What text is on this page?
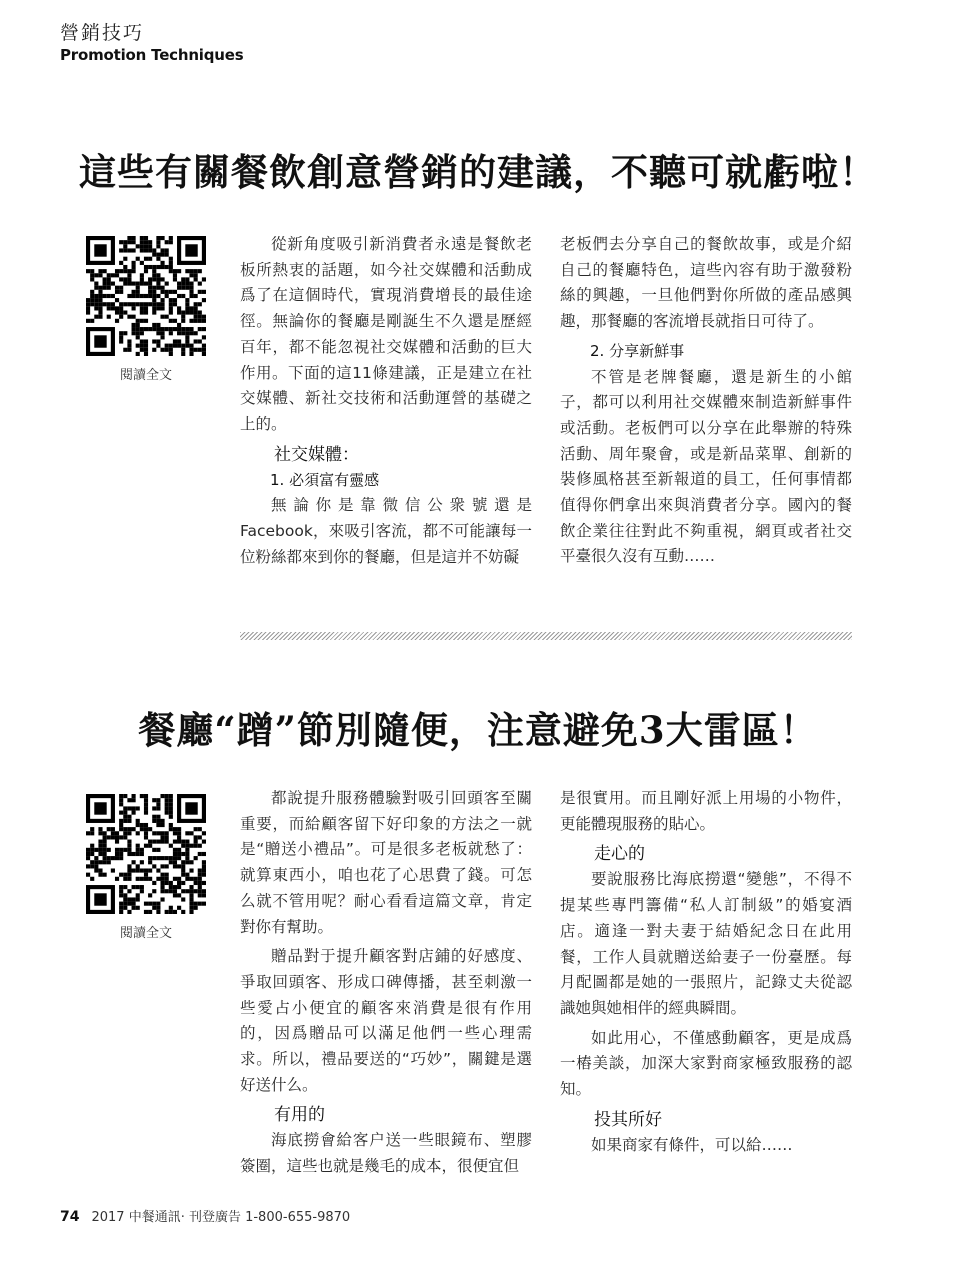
營銷技巧
Promotion Techniques
這些有關餐飲創意營銷的建議，不聽可就虧啦！
閱讀全文

從新角度吸引新消費者永遠是餐飲老板所熱衷的話題，如今社交媒體和活動成爲了在這個時代，實現消費增長的最佳途徑。無論你的餐廳是剛誕生不久還是歷經百年，都不能忽視社交媒體和活動的巨大作用。下面的這11條建議，正是建立在社交媒體、新社交技術和活動運營的基礎之上的。

社交媒體：
1. 必須富有靈感

無論你是靠微信公衆號還是Facebook，來吸引客流，都不可能讓每一位粉絲都來到你的餐廳，但是這并不妨礙

老板們去分享自己的餐飲故事，或是介紹自己的餐廳特色，這些內容有助于激發粉絲的興趣，一旦他們對你所做的產品感興趣，那餐廳的客流增長就指日可待了。

2. 分享新鮮事

不管是老牌餐廳，還是新生的小館子，都可以利用社交媒體來制造新鮮事件或活動。老板們可以分享在此舉辦的特殊活動、周年聚會，或是新品菜單、創新的裝修風格甚至新報道的員工，任何事情都值得你們拿出來與消費者分享。國內的餐飲企業往往對此不夠重視，網頁或者社交平臺很久沒有互動……

餐廳“蹭”節別隨便，注意避免3大雷區！
閱讀全文

都說提升服務體驗對吸引回頭客至關重要，而給顧客留下好印象的方法之一就是“贈送小禮品”。可是很多老板就愁了：就算東西小，咱也花了心思費了錢。可怎么就不管用呢？耐心看看這篇文章，肯定對你有幫助。

贈品對于提升顧客對店鋪的好感度、爭取回頭客、形成口碑傳播，甚至刺激一些愛占小便宜的顧客來消費是很有作用的，因爲贈品可以滿足他們一些心理需求。所以，禮品要送的“巧妙”，關鍵是選好送什么。

有用的

海底撈會給客户送一些眼鏡布、塑膠簽圈，這些也就是幾毛的成本，很便宜但

是很實用。而且剛好派上用場的小物件，更能體現服務的貼心。

走心的

要說服務比海底撈還“變態”，不得不提某些專門籌備“私人訂制級”的婚宴酒店。適逢一對夫妻于結婚紀念日在此用餐，工作人員就贈送給妻子一份臺歷。每月配圖都是她的一張照片，記錄丈夫從認識她與她相伴的經典瞬間。

如此用心，不僅感動顧客，更是成爲一樁美談，加深大家對商家極致服務的認知。

投其所好

如果商家有條件，可以給……

74 2017 中餐通訊· 刊登廣告 1-800-655-9870
